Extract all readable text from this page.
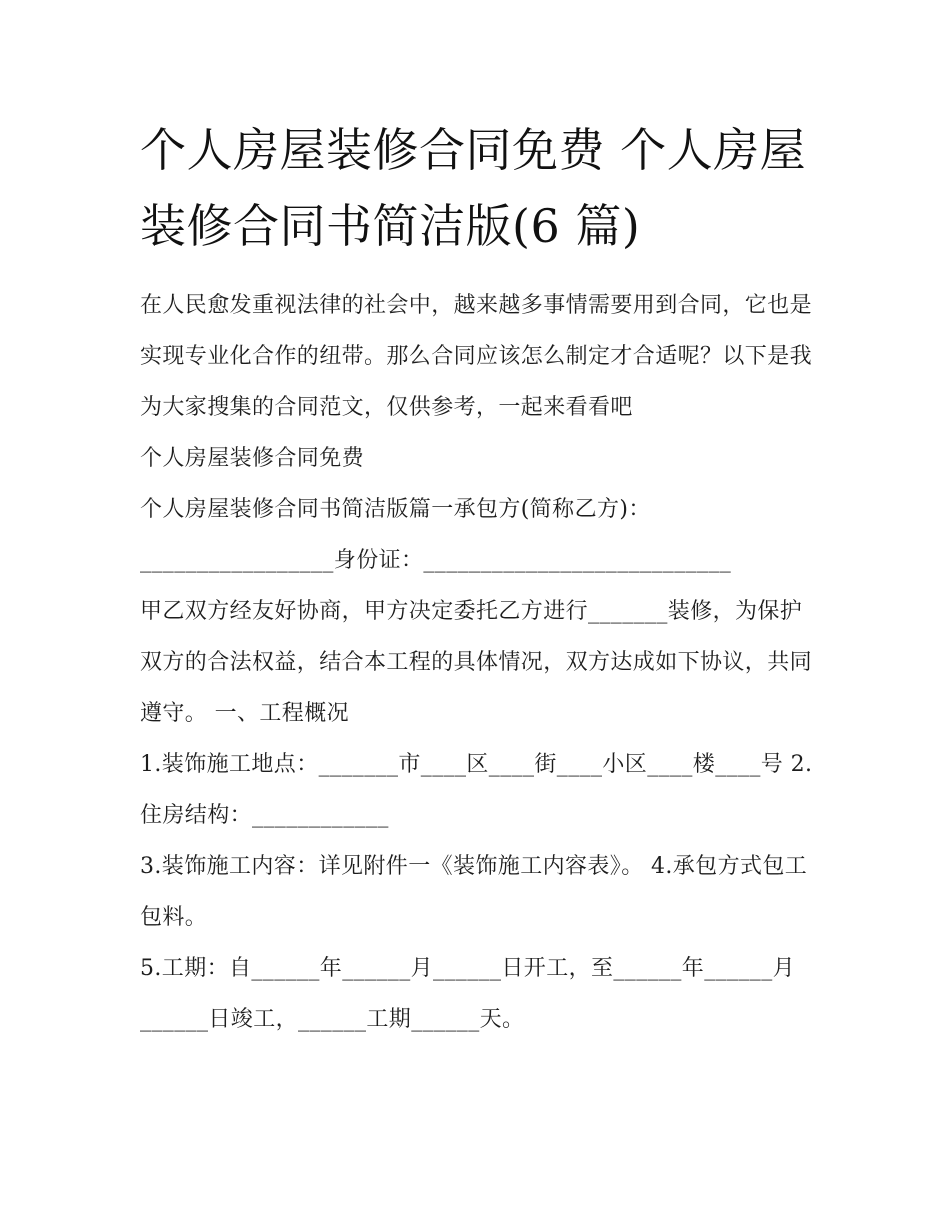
个人房屋装修合同免费 个人房屋装修合同书简洁版(6 篇)

在人民愈发重视法律的社会中，越来越多事情需要用到合同，它也是实现专业化合作的纽带。那么合同应该怎么制定才合适呢？以下是我为大家搜集的合同范文，仅供参考，一起来看看吧

个人房屋装修合同免费

个人房屋装修合同书简洁版篇一承包方(简称乙方)：

_________________身份证：___________________________

甲乙双方经友好协商，甲方决定委托乙方进行_______装修，为保护双方的合法权益，结合本工程的具体情况，双方达成如下协议，共同遵守。 一、工程概况

1.装饰施工地点：_______市____区____街____小区____楼____号 2.住房结构：____________

3.装饰施工内容：详见附件一《装饰施工内容表》。 4.承包方式包工包料。

5.工期：自______年______月______日开工，至______年______月______日竣工，______工期______天。
